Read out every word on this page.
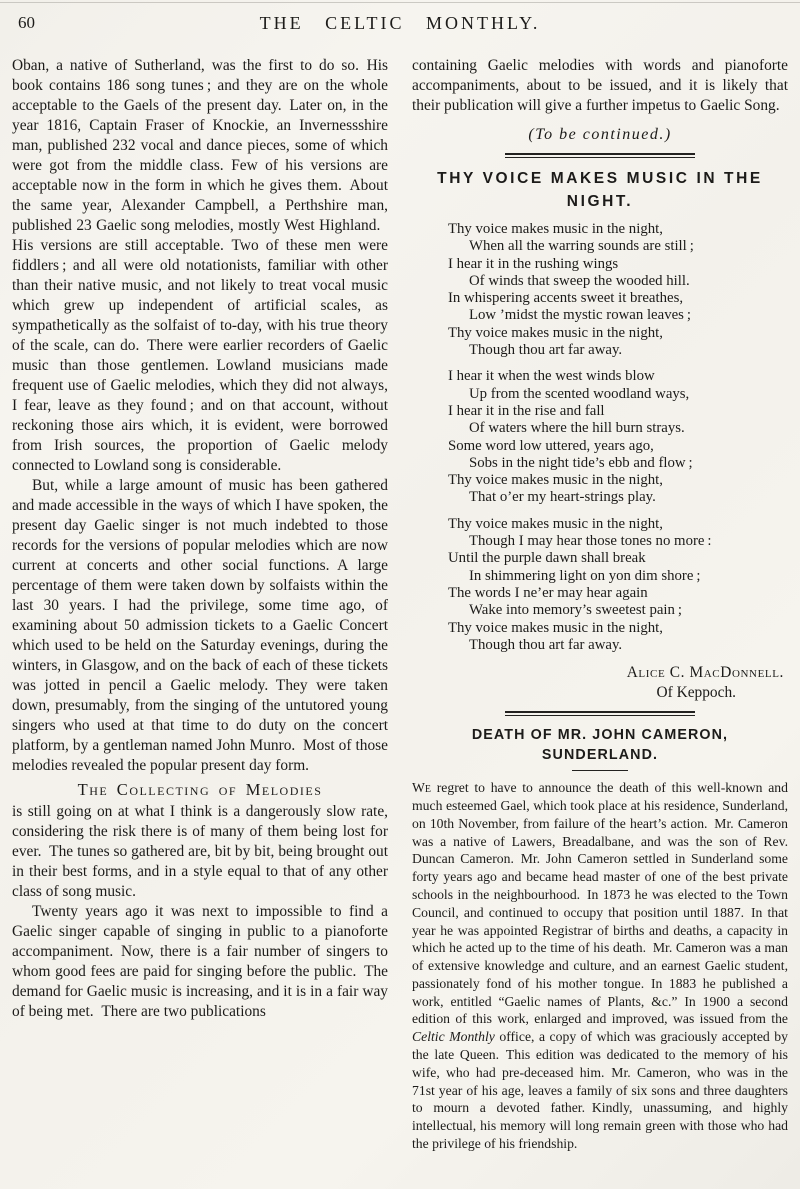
60	THE CELTIC MONTHLY.

Oban, a native of Sutherland, was the first to do so. His book contains 186 song tunes ; and they are on the whole acceptable to the Gaels of the present day. Later on, in the year 1816, Captain Fraser of Knockie, an Invernessshire man, published 232 vocal and dance pieces, some of which were got from the middle class. Few of his versions are acceptable now in the form in which he gives them. About the same year, Alexander Campbell, a Perthshire man, published 23 Gaelic song melodies, mostly West Highland. His versions are still acceptable. Two of these men were fiddlers ; and all were old notationists, familiar with other than their native music, and not likely to treat vocal music which grew up independent of artificial scales, as sympathetically as the solfaist of to-day, with his true theory of the scale, can do. There were earlier recorders of Gaelic music than those gentlemen. Lowland musicians made frequent use of Gaelic melodies, which they did not always, I fear, leave as they found ; and on that account, without reckoning those airs which, it is evident, were borrowed from Irish sources, the proportion of Gaelic melody connected to Lowland song is considerable.

But, while a large amount of music has been gathered and made accessible in the ways of which I have spoken, the present day Gaelic singer is not much indebted to those records for the versions of popular melodies which are now current at concerts and other social functions. A large percentage of them were taken down by solfaists within the last 30 years. I had the privilege, some time ago, of examining about 50 admission tickets to a Gaelic Concert which used to be held on the Saturday evenings, during the winters, in Glasgow, and on the back of each of these tickets was jotted in pencil a Gaelic melody. They were taken down, presumably, from the singing of the untutored young singers who used at that time to do duty on the concert platform, by a gentleman named John Munro. Most of those melodies revealed the popular present day form.

The Collecting of Melodies

is still going on at what I think is a dangerously slow rate, considering the risk there is of many of them being lost for ever. The tunes so gathered are, bit by bit, being brought out in their best forms, and in a style equal to that of any other class of song music.

Twenty years ago it was next to impossible to find a Gaelic singer capable of singing in public to a pianoforte accompaniment. Now, there is a fair number of singers to whom good fees are paid for singing before the public. The demand for Gaelic music is increasing, and it is in a fair way of being met. There are two publications

containing Gaelic melodies with words and pianoforte accompaniments, about to be issued, and it is likely that their publication will give a further impetus to Gaelic Song.

(To be continued.)

THY VOICE MAKES MUSIC IN THE NIGHT.

Thy voice makes music in the night,

When all the warring sounds are still ;

I hear it in the rushing wings

Of winds that sweep the wooded hill.

In whispering accents sweet it breathes,

Low ’midst the mystic rowan leaves ;

Thy voice makes music in the night,

Though thou art far away.

I hear it when the west winds blow

Up from the scented woodland ways,

I hear it in the rise and fall

Of waters where the hill burn strays.

Some word low uttered, years ago,

Sobs in the night tide’s ebb and flow ;

Thy voice makes music in the night,

That o’er my heart-strings play.

Thy voice makes music in the night,

Though I may hear those tones no more :

Until the purple dawn shall break

In shimmering light on yon dim shore ;

The words I ne’er may hear again

Wake into memory’s sweetest pain ;

Thy voice makes music in the night,

Though thou art far away.

Alice C. MacDonnell.

Of Keppoch.

DEATH OF MR. JOHN CAMERON, SUNDERLAND.

We regret to have to announce the death of this well-known and much esteemed Gael, which took place at his residence, Sunderland, on 10th November, from failure of the heart’s action. Mr. Cameron was a native of Lawers, Breadalbane, and was the son of Rev. Duncan Cameron. Mr. John Cameron settled in Sunderland some forty years ago and became head master of one of the best private schools in the neighbourhood. In 1873 he was elected to the Town Council, and continued to occupy that position until 1887. In that year he was appointed Registrar of births and deaths, a capacity in which he acted up to the time of his death. Mr. Cameron was a man of extensive knowledge and culture, and an earnest Gaelic student, passionately fond of his mother tongue. In 1883 he published a work, entitled “Gaelic names of Plants, &c.” In 1900 a second edition of this work, enlarged and improved, was issued from the Celtic Monthly office, a copy of which was graciously accepted by the late Queen. This edition was dedicated to the memory of his wife, who had pre-deceased him. Mr. Cameron, who was in the 71st year of his age, leaves a family of six sons and three daughters to mourn a devoted father. Kindly, unassuming, and highly intellectual, his memory will long remain green with those who had the privilege of his friendship.
